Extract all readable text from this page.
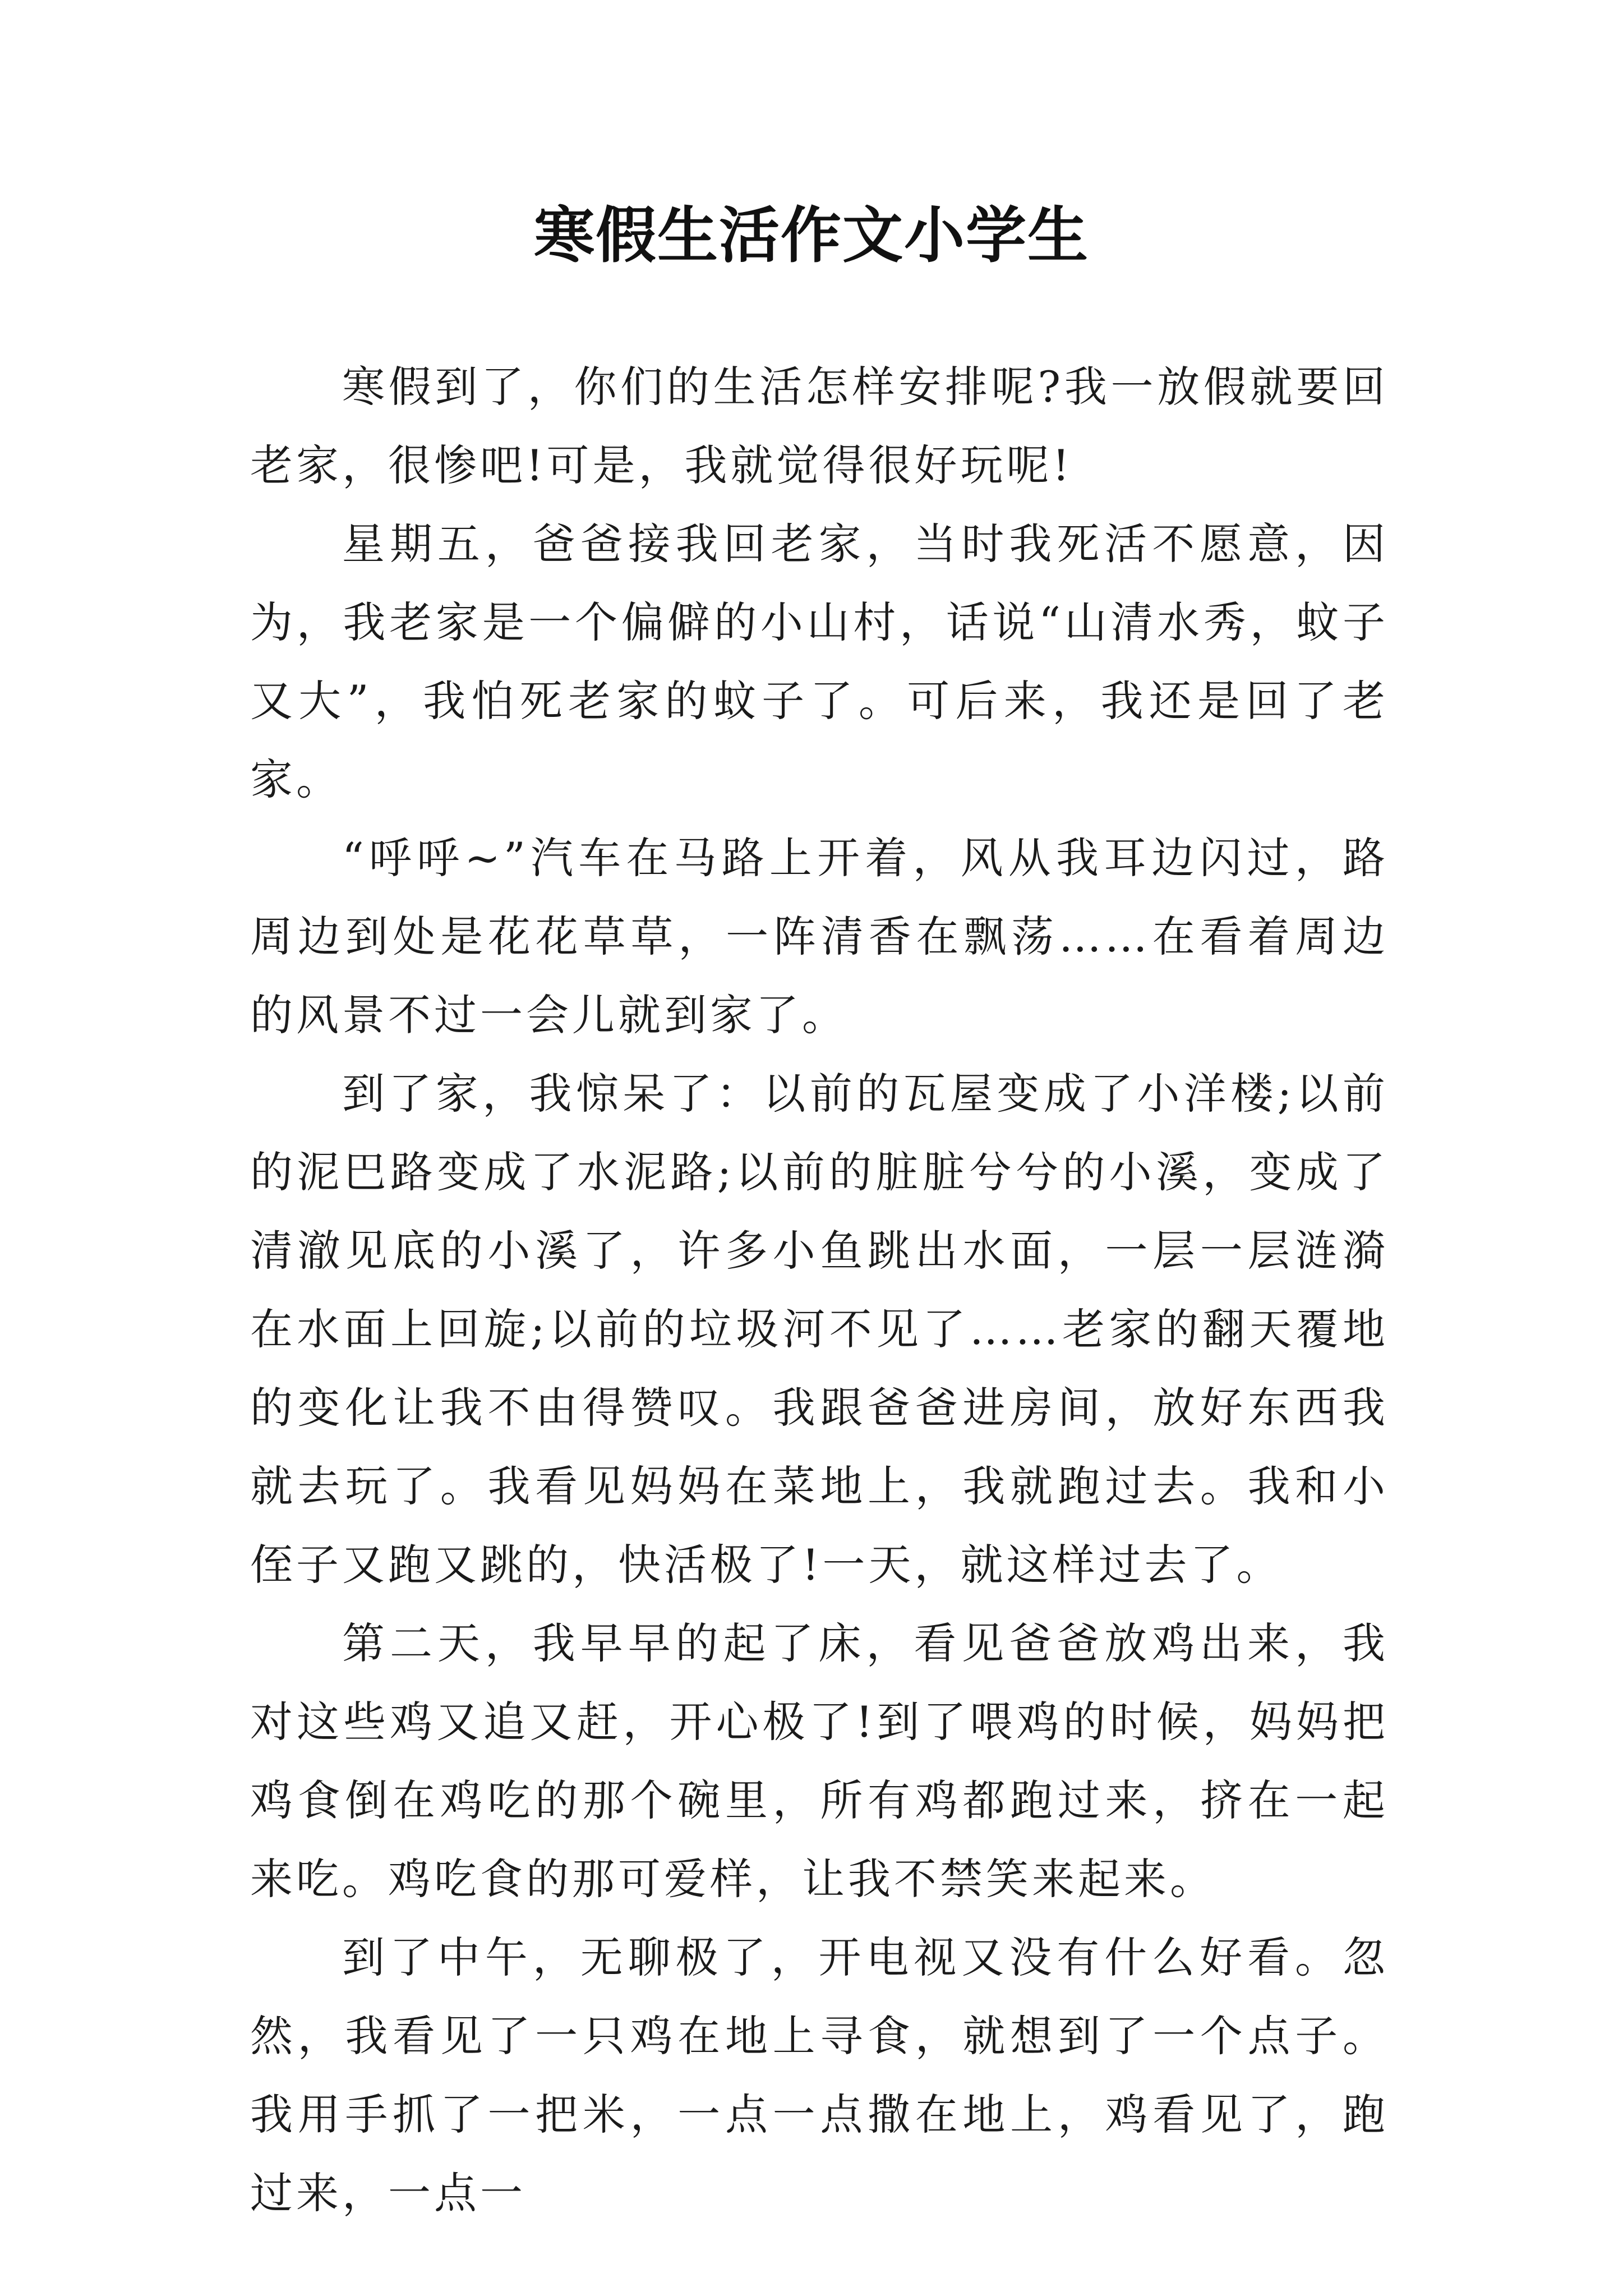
寒假生活作文小学生

寒假到了，你们的生活怎样安排呢?我一放假就要回老家，很惨吧!可是，我就觉得很好玩呢!

星期五，爸爸接我回老家，当时我死活不愿意，因为，我老家是一个偏僻的小山村，话说“山清水秀，蚊子又大”，我怕死老家的蚊子了。可后来，我还是回了老家。

“呼呼~”汽车在马路上开着，风从我耳边闪过，路周边到处是花花草草，一阵清香在飘荡……在看着周边的风景不过一会儿就到家了。

到了家，我惊呆了：以前的瓦屋变成了小洋楼;以前的泥巴路变成了水泥路;以前的脏脏兮兮的小溪，变成了清澈见底的小溪了，许多小鱼跳出水面，一层一层涟漪在水面上回旋;以前的垃圾河不见了……老家的翻天覆地的变化让我不由得赞叹。我跟爸爸进房间，放好东西我就去玩了。我看见妈妈在菜地上，我就跑过去。我和小侄子又跑又跳的，快活极了!一天，就这样过去了。

第二天，我早早的起了床，看见爸爸放鸡出来，我对这些鸡又追又赶，开心极了!到了喂鸡的时候，妈妈把鸡食倒在鸡吃的那个碗里，所有鸡都跑过来，挤在一起来吃。鸡吃食的那可爱样，让我不禁笑来起来。

到了中午，无聊极了，开电视又没有什么好看。忽然，我看见了一只鸡在地上寻食，就想到了一个点子。我用手抓了一把米，一点一点撒在地上，鸡看见了，跑过来，一点一
